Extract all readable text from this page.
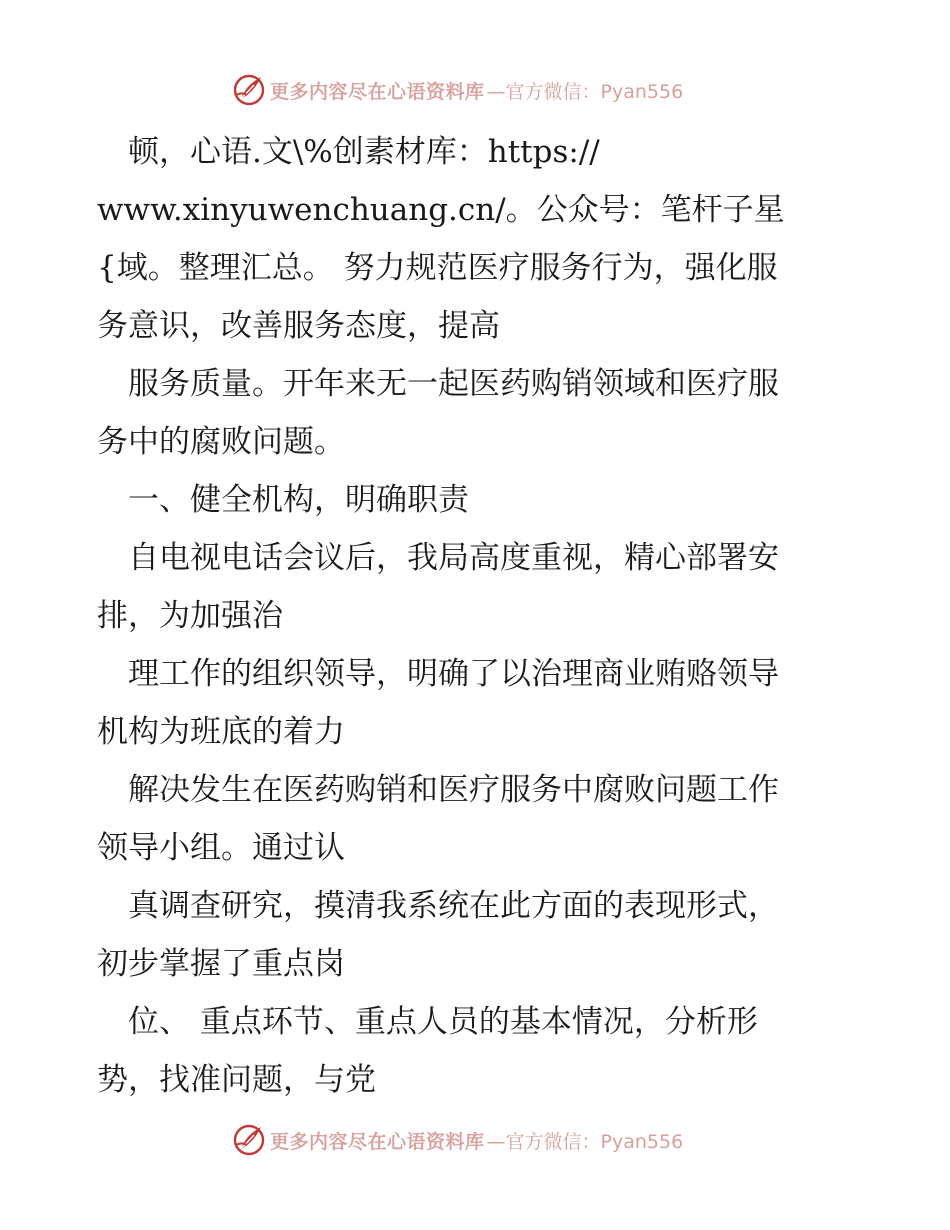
更多内容尽在心语资料库 —官方微信：Pyan556
　顿，心语.文\%创素材库：https://
www.xinyuwenchuang.cn/。公众号：笔杆子星
{域。整理汇总。 努力规范医疗服务行为，强化服
务意识，改善服务态度，提高
　服务质量。开年来无一起医药购销领域和医疗服
务中的腐败问题。
　一、健全机构，明确职责
　自电视电话会议后，我局高度重视，精心部署安
排，为加强治
　理工作的组织领导，明确了以治理商业贿赂领导
机构为班底的着力
　解决发生在医药购销和医疗服务中腐败问题工作
领导小组。通过认
　真调查研究，摸清我系统在此方面的表现形式，
初步掌握了重点岗
　位、 重点环节、重点人员的基本情况，分析形
势，找准问题，与党
更多内容尽在心语资料库 —官方微信：Pyan556
